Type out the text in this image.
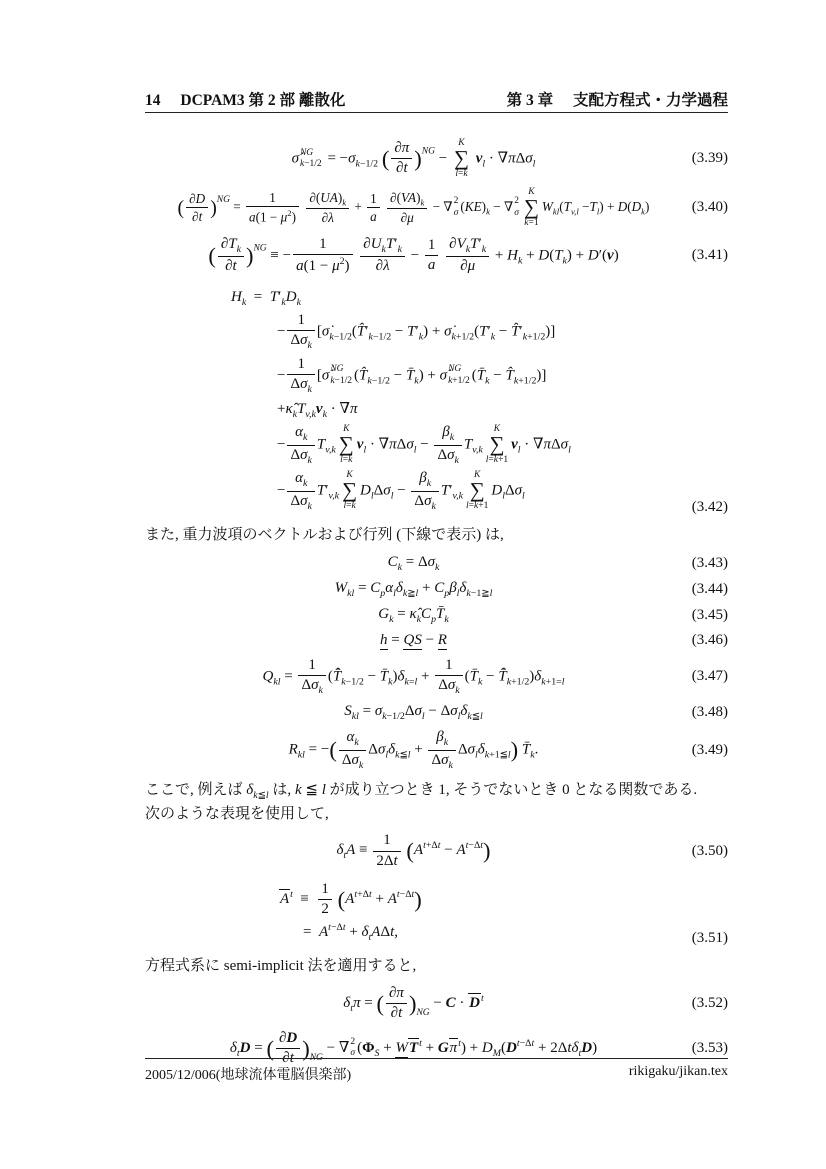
14 DCPAM3 第 2 部 離散化	第 3 章 支配方程式・力学過程
σ̇ NG
$k-1/2 = -\sigma_{k-1/2}$ ( $\frac{\partial\pi}{\partial t} )^{NG}$ −
K
∑
l=k
$v_l \cdot \nabla\pi\Delta\sigma_l$	(3.39)
( $\frac{\partial D}{\partial t} )^{NG} = \frac{1}{a(1 - \mu^2)}$
$\frac{\partial(UA)_k}{\partial\lambda} + \frac{1}{a}$
$\frac{\partial(VA)_k}{\partial\mu}$ − ∇ 2
σ $(KE)_k$ − ∇ 2
σ
K
∑
k=1
$W_{kl}(T_{v,l} -T_l) + D(D_k)$	(3.40)
( $\frac{\partial T_k}{\partial t} )^{NG}$ ≡ − $\frac{1}{a(1 - \mu^2)}$
$\frac{\partial U_kT'_k}{\partial\lambda} - \frac{1}{a}$
$\frac{\partial V_kT'_k}{\partial\mu} + H_k + D(T_k) + D'(v)$	(3.41)
$H_k = T'_kD_k$
− $\frac{1}{\Delta\sigma_k}$ [$\sigmȧ_{k-1/2}(T̂'_{k-1/2} - T'_k)$ + $\sigmȧ_{k+1/2}(T'_k$ − $T̂'_{k+1/2}$)]
− $\frac{1}{\Delta\sigma_k}$ [σ̇ NG
k−1/2 ($T̂_{k-1/2}$ − $T̄_k$) + σ̇ NG
k+1/2 ($T̄_k$ − $T̂_{k+1/2}$)]
$+\kappâ_kT_{v,k}v_k \cdot \nabla\pi$
− $\frac{\alpha_k}{\Delta\sigma_k} T_{v,k}$
K
∑
l=k
$v_l \cdot \nabla\pi\Delta\sigma_l - \frac{\beta_k}{\Delta\sigma_k} T_{v,k}$
K
∑
l=k+1
$v_l \cdot \nabla\pi\Delta\sigma_l$
− $\frac{\alpha_k}{\Delta\sigma_k} T'_{v,k}$
K
∑
l=k
$D_l\Delta\sigma_l - \frac{\beta_k}{\Delta\sigma_k} T'_{v,k}$
K
∑
l=k+1
$D_l\Delta\sigma_l$
(3.42)

また, 重力波項のベクトルおよび行列 (下線で表示) は,

$C_k = \Delta\sigma_k$	(3.43)
$W_{kl} = C_p\alpha_l\delta_{k≧l} + C_p\beta_l\delta_{k-1≧l}$	(3.44)
$G_k$ = $\kappâ_kC_pT̄_k$	(3.45)
h = QS − R	(3.46)
$Q_{kl} = \frac{1}{\Delta\sigma_k}$ ($T̄̂_{k-1/2}$ − $T̄_k)\delta_{k=l} + \frac{1}{\Delta\sigma_k}$ ($T̄_k$ − $T̄̂_{k+1/2})\delta_{k+1=l}$	(3.47)
$S_{kl} = \sigma_{k-1/2}\Delta\sigma_l - \Delta\sigma_l\delta_{k≦l}$	(3.48)
$R_{kl}$ = −( $\frac{\alpha_k}{\Delta\sigma_k} \Delta\sigma_l\delta_{k≦l} + \frac{\beta_k}{\Delta\sigma_k} \Delta\sigma_l\delta_{k+1≦l}$) $T̄_k$.	(3.49)

ここで, 例えば $\delta_{k≦l}$ は, k ≦ l が成り立つとき 1, そうでないとき 0 となる関数である.
次のような表現を使用して,

$\delta_tA \equiv \frac{1}{2\Delta t} (A^{t+\Delta t} - A^{t-\Delta t})$	(3.50)
$A^t \equiv \frac{1}{2} (A^{t+\Delta t} + A^{t-\Delta t})$
=  $A^{t-\Delta t} + \delta_tA\Delta t$,	(3.51)

方程式系に semi-implicit 法を適用すると,

$\delta_t\pi$ = ( $\frac{\partial\pi}{\partial t} )_{NG} - C \cdot D^t$	(3.52)
$\delta_tD$ = ( $\frac{\partial D}{\partial t} )_{NG}$ − ∇ 2
σ $(\Phi_S + WT^t + G\pi^t) + D_M(D^{t-\Delta t} + 2\Delta t\delta_tD)$	(3.53)
2005/12/006(地球流体電脳倶楽部)	rikigaku/jikan.tex
